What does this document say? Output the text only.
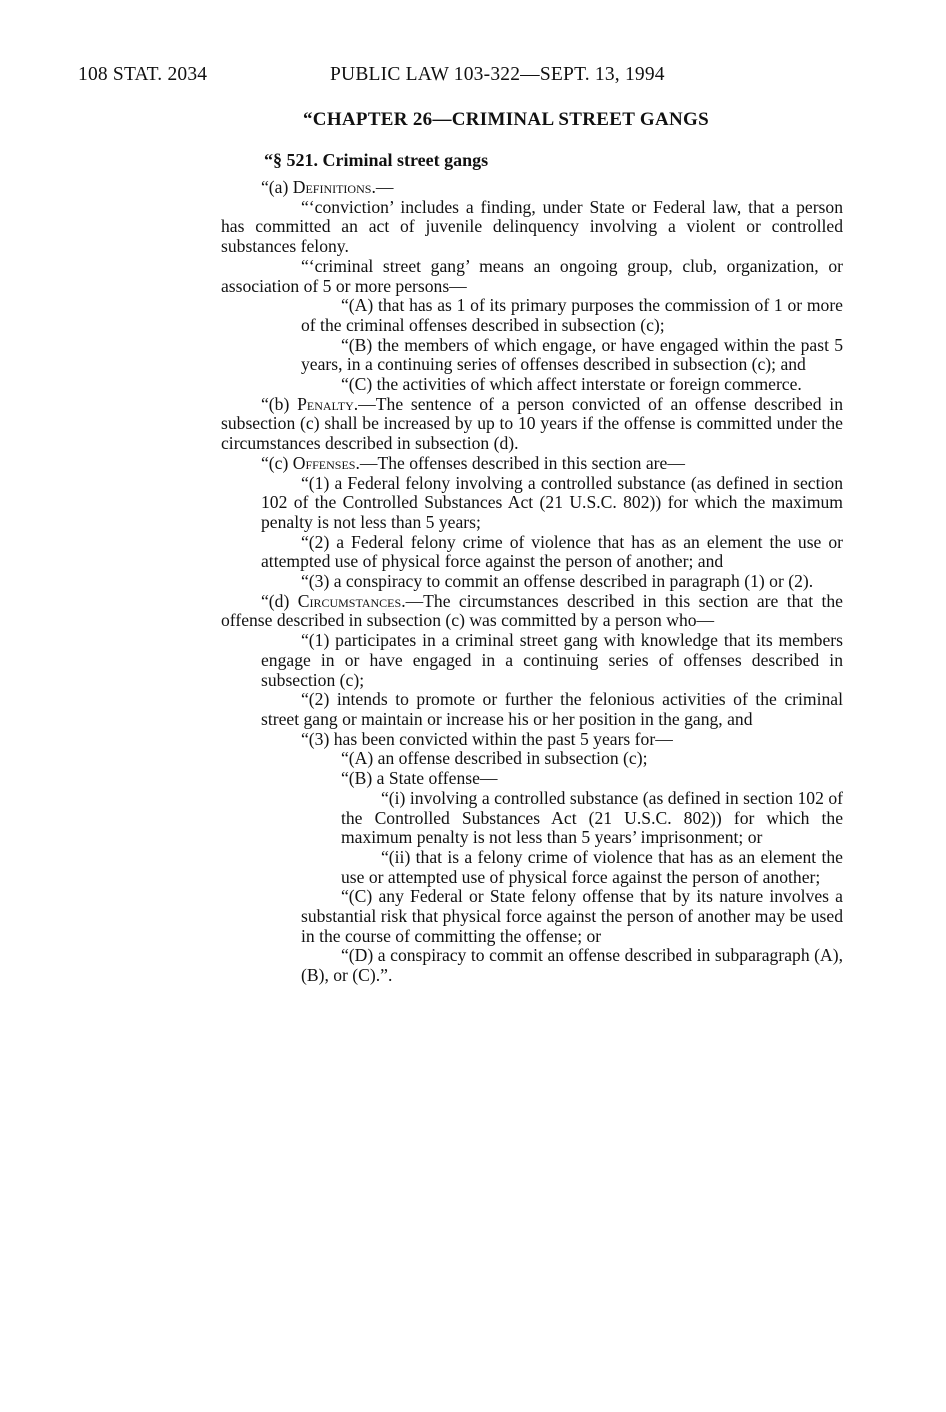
108 STAT. 2034	PUBLIC LAW 103-322—SEPT. 13, 1994
“CHAPTER 26—CRIMINAL STREET GANGS
“§ 521. Criminal street gangs

“(a) Definitions.—

“‘conviction’ includes a finding, under State or Federal law, that a person has committed an act of juvenile delinquency involving a violent or controlled substances felony.

“‘criminal street gang’ means an ongoing group, club, organization, or association of 5 or more persons—

“(A) that has as 1 of its primary purposes the commission of 1 or more of the criminal offenses described in subsection (c);

“(B) the members of which engage, or have engaged within the past 5 years, in a continuing series of offenses described in subsection (c); and

“(C) the activities of which affect interstate or foreign commerce.

“(b) Penalty.—The sentence of a person convicted of an offense described in subsection (c) shall be increased by up to 10 years if the offense is committed under the circumstances described in subsection (d).

“(c) Offenses.—The offenses described in this section are—

“(1) a Federal felony involving a controlled substance (as defined in section 102 of the Controlled Substances Act (21 U.S.C. 802)) for which the maximum penalty is not less than 5 years;

“(2) a Federal felony crime of violence that has as an element the use or attempted use of physical force against the person of another; and

“(3) a conspiracy to commit an offense described in paragraph (1) or (2).

“(d) Circumstances.—The circumstances described in this section are that the offense described in subsection (c) was committed by a person who—

“(1) participates in a criminal street gang with knowledge that its members engage in or have engaged in a continuing series of offenses described in subsection (c);

“(2) intends to promote or further the felonious activities of the criminal street gang or maintain or increase his or her position in the gang, and

“(3) has been convicted within the past 5 years for—

“(A) an offense described in subsection (c);

“(B) a State offense—

“(i) involving a controlled substance (as defined in section 102 of the Controlled Substances Act (21 U.S.C. 802)) for which the maximum penalty is not less than 5 years’ imprisonment; or

“(ii) that is a felony crime of violence that has as an element the use or attempted use of physical force against the person of another;

“(C) any Federal or State felony offense that by its nature involves a substantial risk that physical force against the person of another may be used in the course of committing the offense; or

“(D) a conspiracy to commit an offense described in subparagraph (A), (B), or (C).”.
